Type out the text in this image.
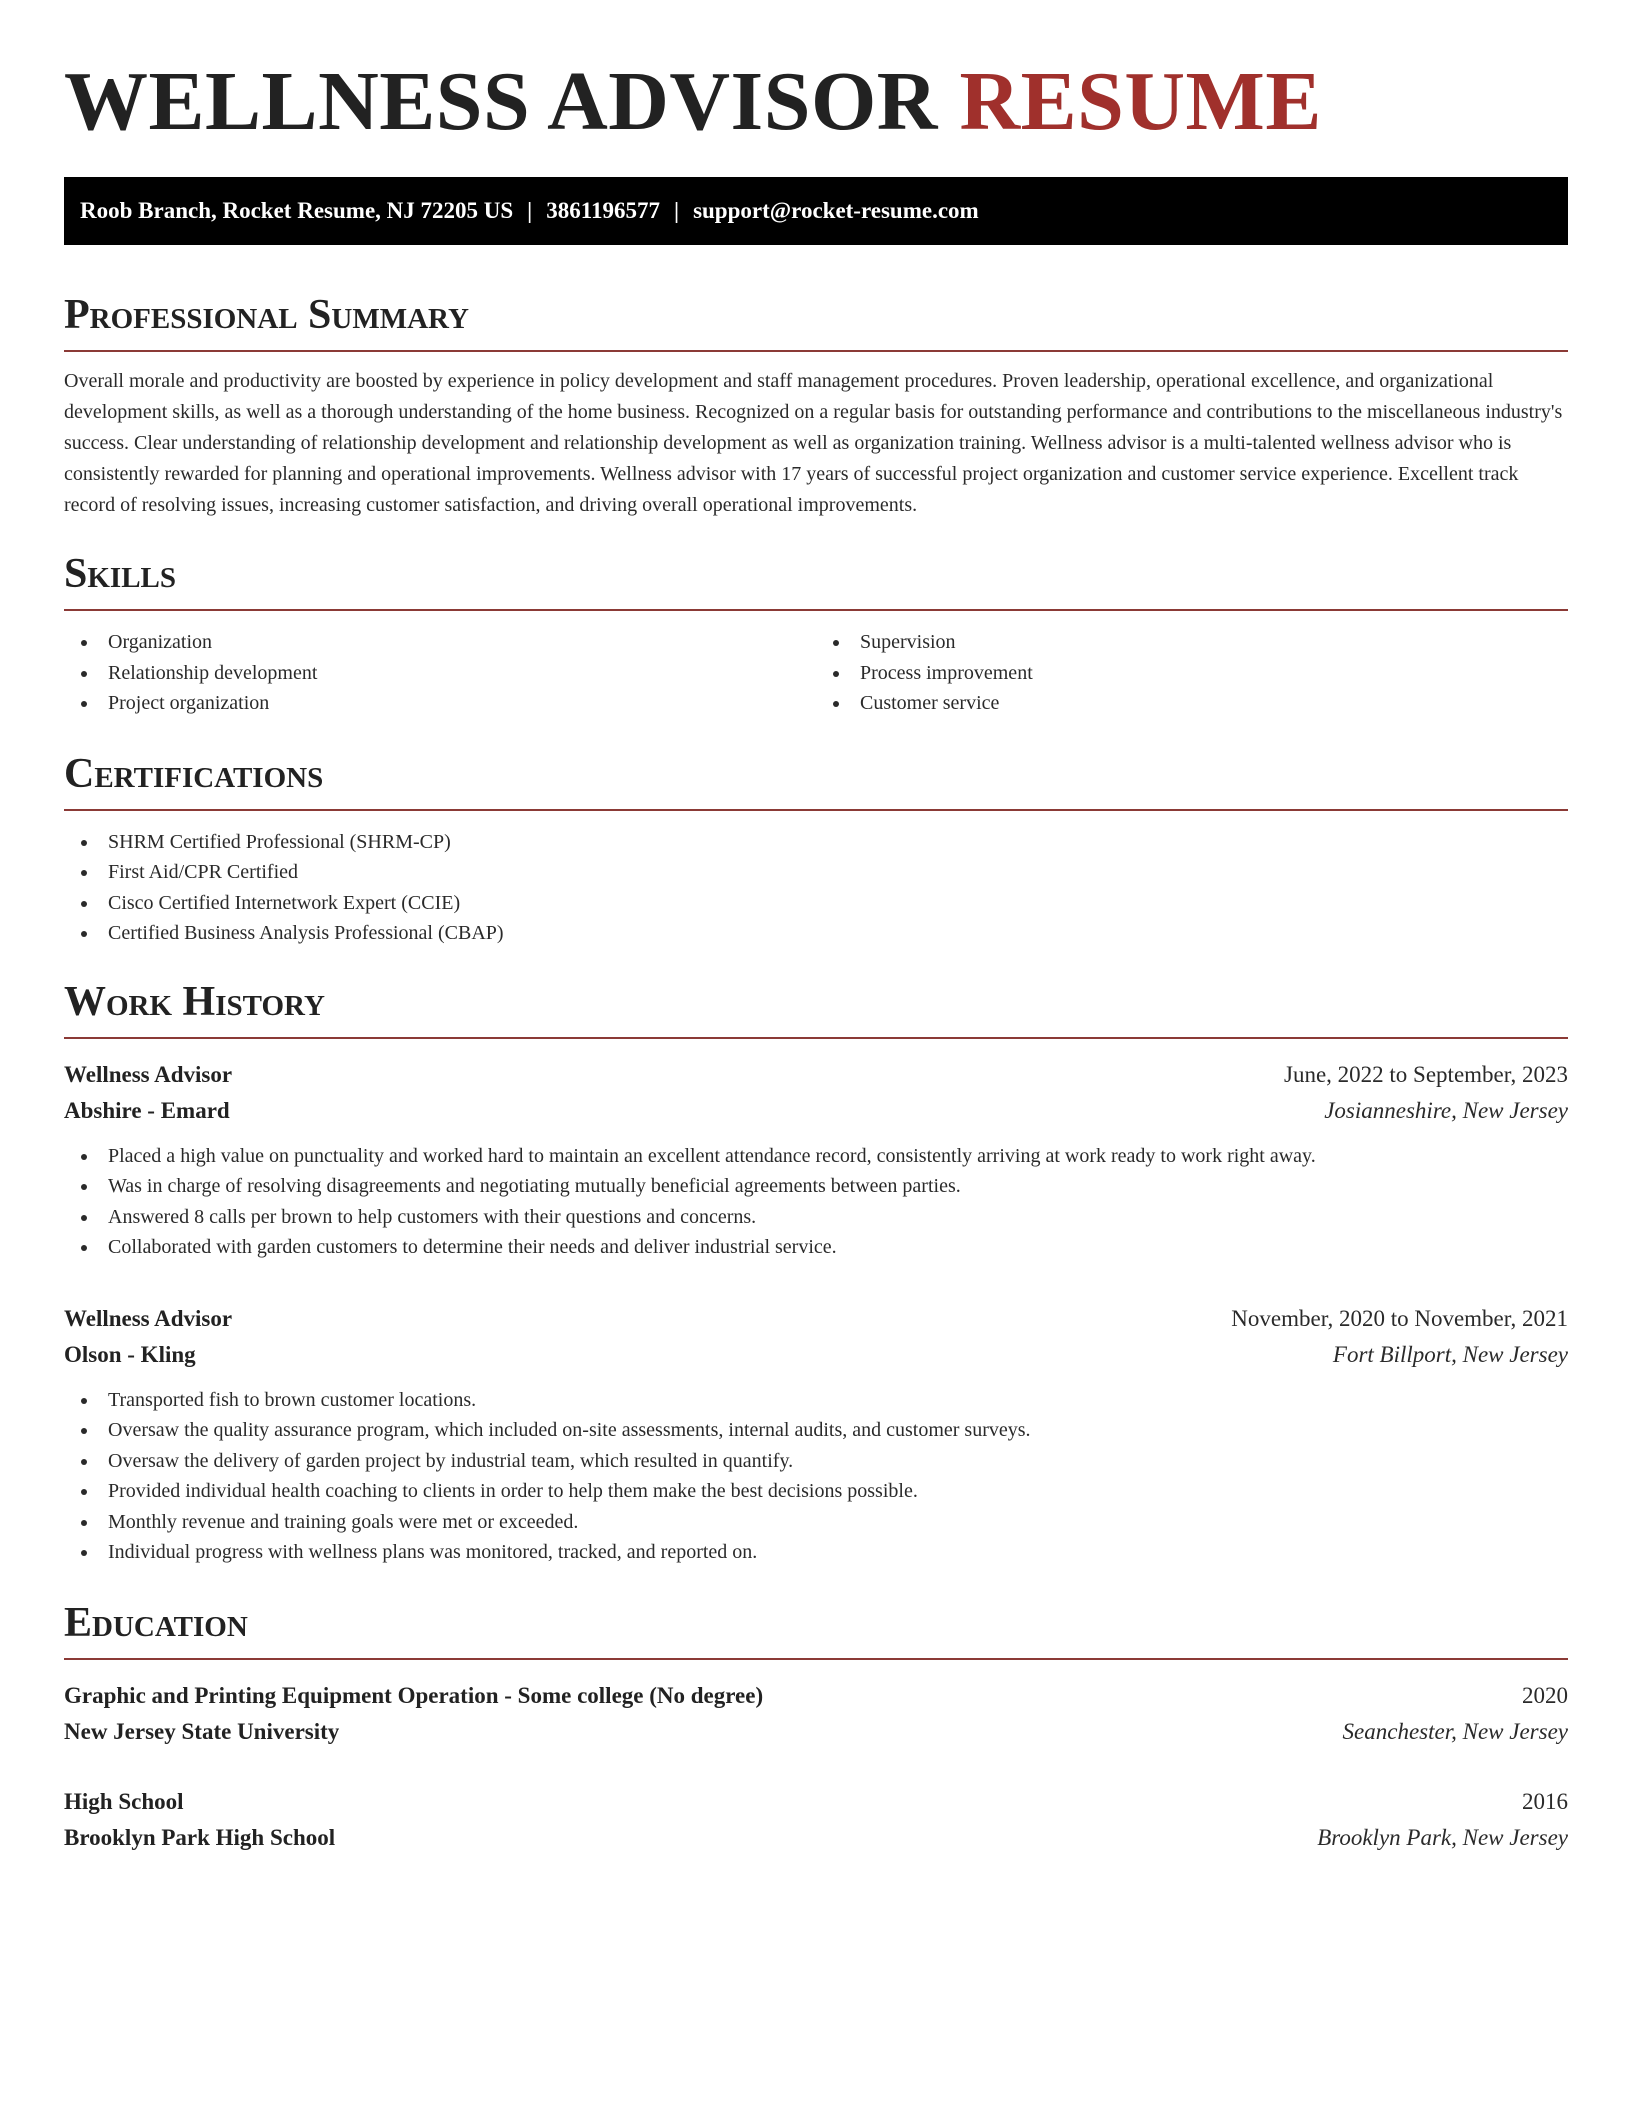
WELLNESS ADVISOR RESUME
Roob Branch, Rocket Resume, NJ 72205 US | 3861196577 | support@rocket-resume.com
Professional Summary

Overall morale and productivity are boosted by experience in policy development and staff management procedures. Proven leadership, operational excellence, and organizational development skills, as well as a thorough understanding of the home business. Recognized on a regular basis for outstanding performance and contributions to the miscellaneous industry's success. Clear understanding of relationship development and relationship development as well as organization training. Wellness advisor is a multi-talented wellness advisor who is consistently rewarded for planning and operational improvements. Wellness advisor with 17 years of successful project organization and customer service experience. Excellent track record of resolving issues, increasing customer satisfaction, and driving overall operational improvements.

Skills
Organization
Relationship development
Project organization
Supervision
Process improvement
Customer service
Certifications
SHRM Certified Professional (SHRM-CP)
First Aid/CPR Certified
Cisco Certified Internetwork Expert (CCIE)
Certified Business Analysis Professional (CBAP)
Work History
Wellness Advisor	June, 2022 to September, 2023
Abshire - Emard	Josianneshire, New Jersey
Placed a high value on punctuality and worked hard to maintain an excellent attendance record, consistently arriving at work ready to work right away.
Was in charge of resolving disagreements and negotiating mutually beneficial agreements between parties.
Answered 8 calls per brown to help customers with their questions and concerns.
Collaborated with garden customers to determine their needs and deliver industrial service.
Wellness Advisor	November, 2020 to November, 2021
Olson - Kling	Fort Billport, New Jersey
Transported fish to brown customer locations.
Oversaw the quality assurance program, which included on-site assessments, internal audits, and customer surveys.
Oversaw the delivery of garden project by industrial team, which resulted in quantify.
Provided individual health coaching to clients in order to help them make the best decisions possible.
Monthly revenue and training goals were met or exceeded.
Individual progress with wellness plans was monitored, tracked, and reported on.
Education
Graphic and Printing Equipment Operation - Some college (No degree)	2020
New Jersey State University	Seanchester, New Jersey
High School	2016
Brooklyn Park High School	Brooklyn Park, New Jersey
